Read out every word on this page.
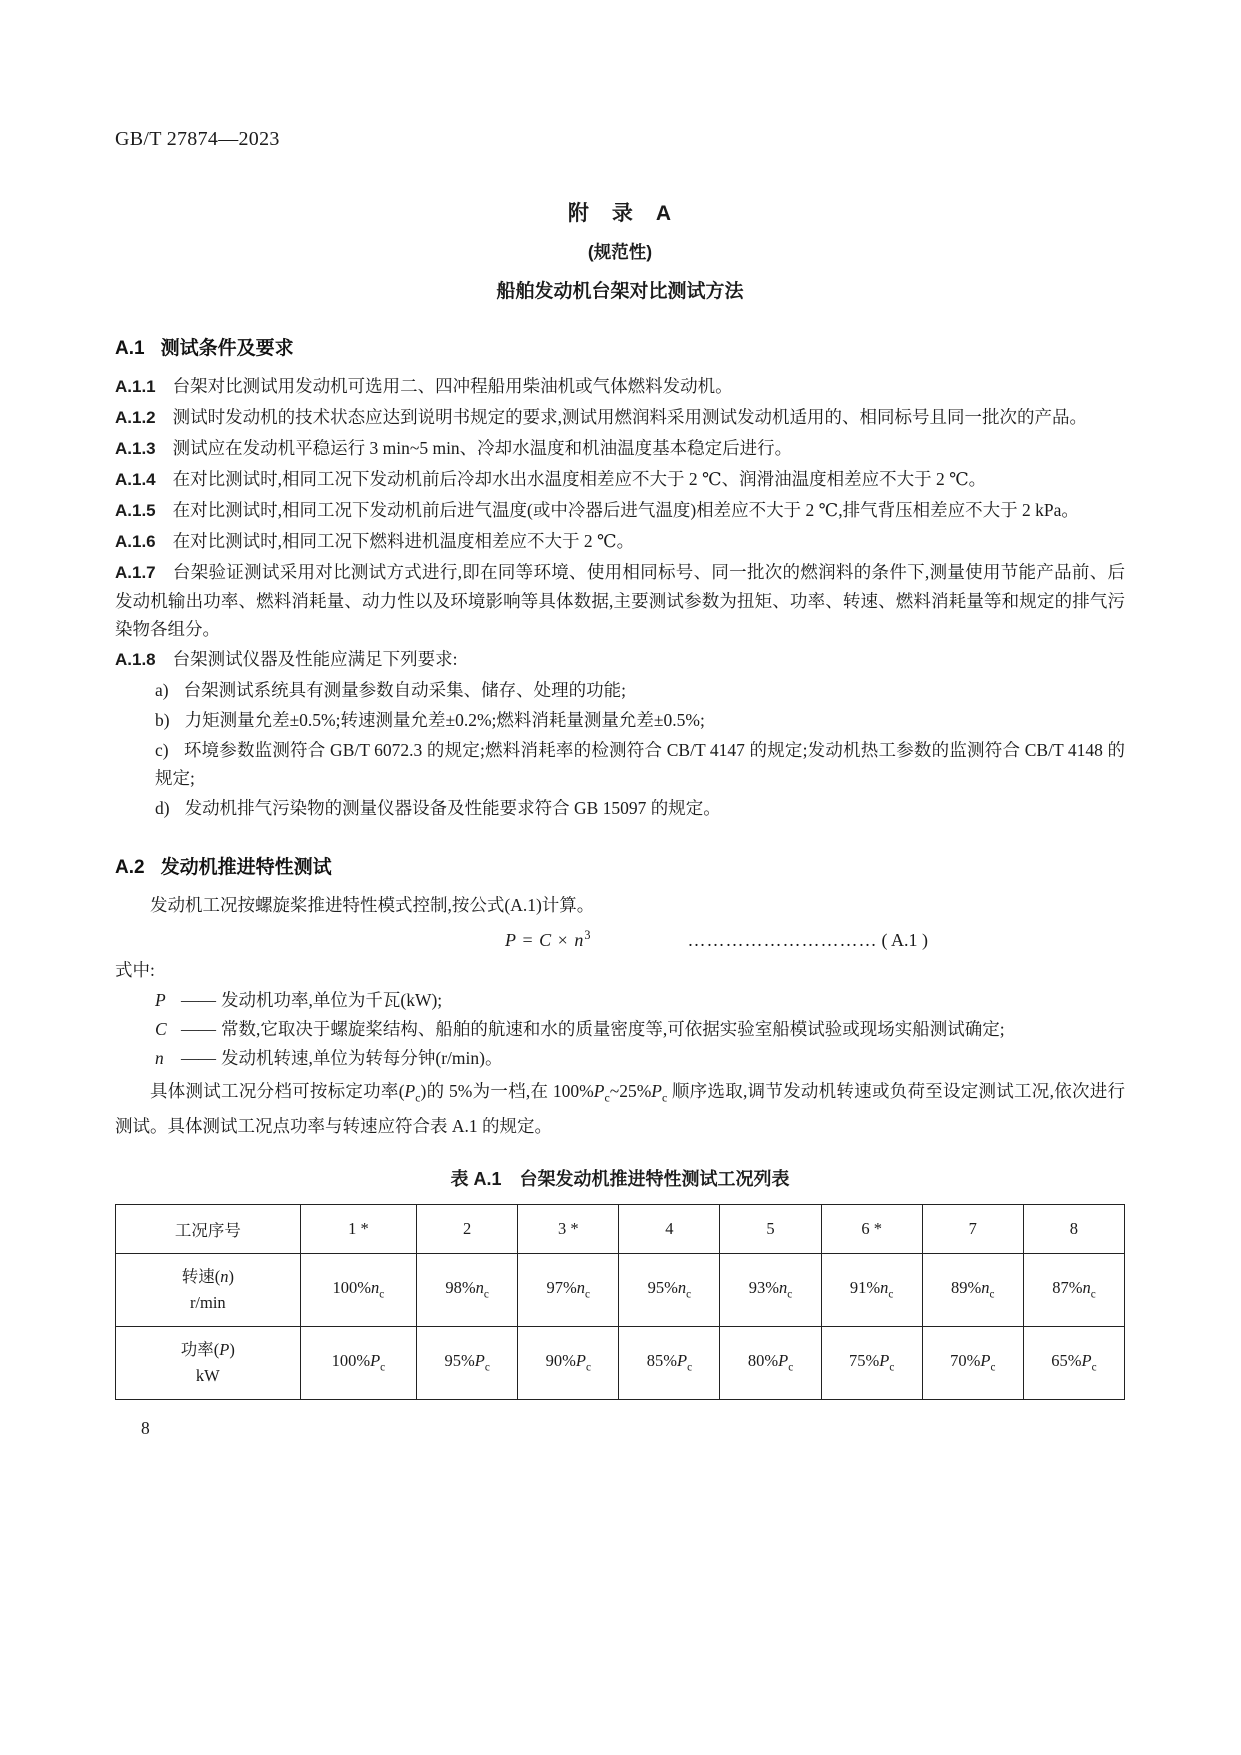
GB/T 27874—2023
附　录　A
(规范性)
船舶发动机台架对比测试方法
A.1 测试条件及要求

A.1.1 台架对比测试用发动机可选用二、四冲程船用柴油机或气体燃料发动机。

A.1.2 测试时发动机的技术状态应达到说明书规定的要求,测试用燃润料采用测试发动机适用的、相同标号且同一批次的产品。

A.1.3 测试应在发动机平稳运行 3 min~5 min、冷却水温度和机油温度基本稳定后进行。

A.1.4 在对比测试时,相同工况下发动机前后冷却水出水温度相差应不大于 2 ℃、润滑油温度相差应不大于 2 ℃。

A.1.5 在对比测试时,相同工况下发动机前后进气温度(或中冷器后进气温度)相差应不大于 2 ℃,排气背压相差应不大于 2 kPa。

A.1.6 在对比测试时,相同工况下燃料进机温度相差应不大于 2 ℃。

A.1.7 台架验证测试采用对比测试方式进行,即在同等环境、使用相同标号、同一批次的燃润料的条件下,测量使用节能产品前、后发动机输出功率、燃料消耗量、动力性以及环境影响等具体数据,主要测试参数为扭矩、功率、转速、燃料消耗量等和规定的排气污染物各组分。

A.1.8 台架测试仪器及性能应满足下列要求:

a) 台架测试系统具有测量参数自动采集、储存、处理的功能;

b) 力矩测量允差±0.5%;转速测量允差±0.2%;燃料消耗量测量允差±0.5%;

c) 环境参数监测符合 GB/T 6072.3 的规定;燃料消耗率的检测符合 CB/T 4147 的规定;发动机热工参数的监测符合 CB/T 4148 的规定;

d) 发动机排气污染物的测量仪器设备及性能要求符合 GB 15097 的规定。

A.2 发动机推进特性测试

发动机工况按螺旋桨推进特性模式控制,按公式(A.1)计算。

$P = C \times n^3$	………………………… ( A.1 )

式中:

P —— 发动机功率,单位为千瓦(kW);
C —— 常数,它取决于螺旋桨结构、船舶的航速和水的质量密度等,可依据实验室船模试验或现场实船测试确定;
n —— 发动机转速,单位为转每分钟(r/min)。

具体测试工况分档可按标定功率$(P_c)$的 5%为一档,在 $100\%P_c\sim 25\%P_c$ 顺序选取,调节发动机转速或负荷至设定测试工况,依次进行测试。具体测试工况点功率与转速应符合表 A.1 的规定。

表 A.1 台架发动机推进特性测试工况列表
工况序号	1 *	2	3 *	4	5	6 *	7	8

转速(n)
r/min	$100\%n_c$	$98\%n_c$	$97\%n_c$	$95\%n_c$	$93\%n_c$	$91\%n_c$	$89\%n_c$	$87\%n_c$

功率(P)
kW	$100\%P_c$	$95\%P_c$	$90\%P_c$	$85\%P_c$	$80\%P_c$	$75\%P_c$	$70\%P_c$	$65\%P_c$
8
